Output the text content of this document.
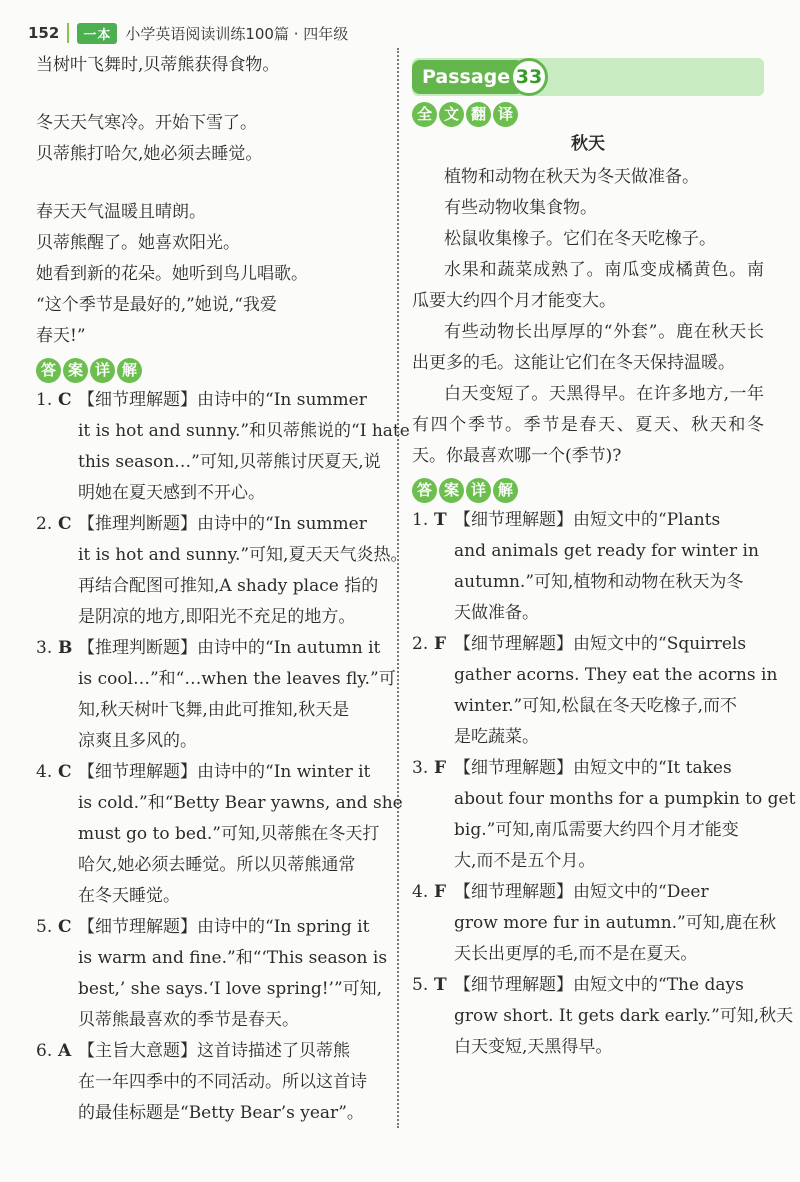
152	一本 小学英语阅读训练100篇 · 四年级
当树叶飞舞时,贝蒂熊获得食物。
冬天天气寒冷。开始下雪了。
贝蒂熊打哈欠,她必须去睡觉。
春天天气温暖且晴朗。
贝蒂熊醒了。她喜欢阳光。
她看到新的花朵。她听到鸟儿唱歌。
“这个季节是最好的,”她说,“我爱
春天!”
答 案 详 解
1. C 【细节理解题】由诗中的“In summer
it is hot and sunny.”和贝蒂熊说的“I hate
this season…”可知,贝蒂熊讨厌夏天,说
明她在夏天感到不开心。
2. C 【推理判断题】由诗中的“In summer
it is hot and sunny.”可知,夏天天气炎热。
再结合配图可推知,A shady place 指的
是阴凉的地方,即阳光不充足的地方。
3. B 【推理判断题】由诗中的“In autumn it
is cool…”和“…when the leaves fly.”可
知,秋天树叶飞舞,由此可推知,秋天是
凉爽且多风的。
4. C 【细节理解题】由诗中的“In winter it
is cold.”和“Betty Bear yawns, and she
must go to bed.”可知,贝蒂熊在冬天打
哈欠,她必须去睡觉。所以贝蒂熊通常
在冬天睡觉。
5. C 【细节理解题】由诗中的“In spring it
is warm and fine.”和“‘This season is
best,’ she says.‘I love spring!’”可知,
贝蒂熊最喜欢的季节是春天。
6. A 【主旨大意题】这首诗描述了贝蒂熊
在一年四季中的不同活动。所以这首诗
的最佳标题是“Betty Bear’s year”。
Passage 33
全 文 翻 译
秋天
植物和动物在秋天为冬天做准备。
有些动物收集食物。
松鼠收集橡子。它们在冬天吃橡子。
水果和蔬菜成熟了。南瓜变成橘黄色。南瓜要大约四个月才能变大。
有些动物长出厚厚的“外套”。鹿在秋天长出更多的毛。这能让它们在冬天保持温暖。
白天变短了。天黑得早。在许多地方,一年有四个季节。季节是春天、夏天、秋天和冬天。你最喜欢哪一个(季节)?
答 案 详 解
1. T 【细节理解题】由短文中的“Plants
and animals get ready for winter in
autumn.”可知,植物和动物在秋天为冬
天做准备。
2. F 【细节理解题】由短文中的“Squirrels
gather acorns. They eat the acorns in
winter.”可知,松鼠在冬天吃橡子,而不
是吃蔬菜。
3. F 【细节理解题】由短文中的“It takes
about four months for a pumpkin to get
big.”可知,南瓜需要大约四个月才能变
大,而不是五个月。
4. F 【细节理解题】由短文中的“Deer
grow more fur in autumn.”可知,鹿在秋
天长出更厚的毛,而不是在夏天。
5. T 【细节理解题】由短文中的“The days
grow short. It gets dark early.”可知,秋天
白天变短,天黑得早。
